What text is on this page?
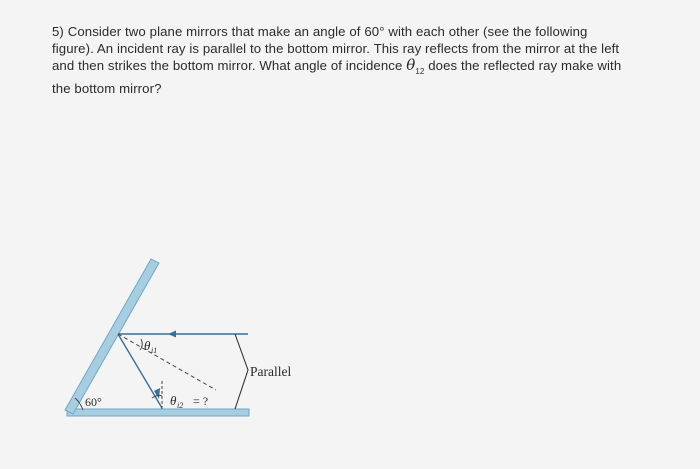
5) Consider two plane mirrors that make an angle of 60° with each other (see the following figure). An incident ray is parallel to the bottom mirror. This ray reflects from the mirror at the left and then strikes the bottom mirror. What angle of incidence $\theta_{12}$ does the reflected ray make with the bottom mirror?
60°
θ i1
θ i2 = ?
Parallel
